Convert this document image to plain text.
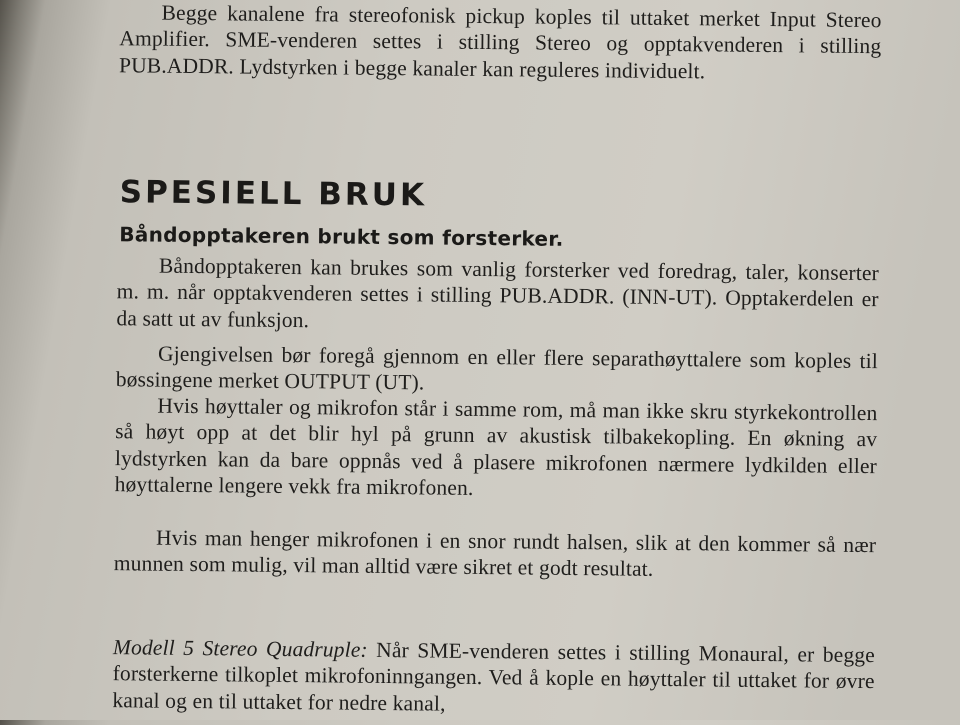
Begge kanalene fra stereofonisk pickup koples til uttaket merket Input Stereo Amplifier. SME-venderen settes i stilling Stereo og opptakvenderen i stilling PUB.ADDR. Lydstyrken i begge kanaler kan reguleres individuelt.

SPESIELL BRUK
Båndopptakeren brukt som forsterker.

Båndopptakeren kan brukes som vanlig forsterker ved foredrag, taler, konserter m. m. når opptakvenderen settes i stilling PUB.ADDR. (INN-UT). Opptakerdelen er da satt ut av funksjon.

Gjengivelsen bør foregå gjennom en eller flere separathøyttalere som koples til bøssingene merket OUTPUT (UT).

Hvis høyttaler og mikrofon står i samme rom, må man ikke skru styrkekontrollen så høyt opp at det blir hyl på grunn av akustisk tilbakekopling. En økning av lydstyrken kan da bare oppnås ved å plasere mikrofonen nærmere lydkilden eller høyttalerne lengere vekk fra mikrofonen.

Hvis man henger mikrofonen i en snor rundt halsen, slik at den kommer så nær munnen som mulig, vil man alltid være sikret et godt resultat.

Modell 5 Stereo Quadruple: Når SME-venderen settes i stilling Monaural, er begge forsterkerne tilkoplet mikrofoninngangen. Ved å kople en høyttaler til uttaket for øvre kanal og en til uttaket for nedre kanal,
